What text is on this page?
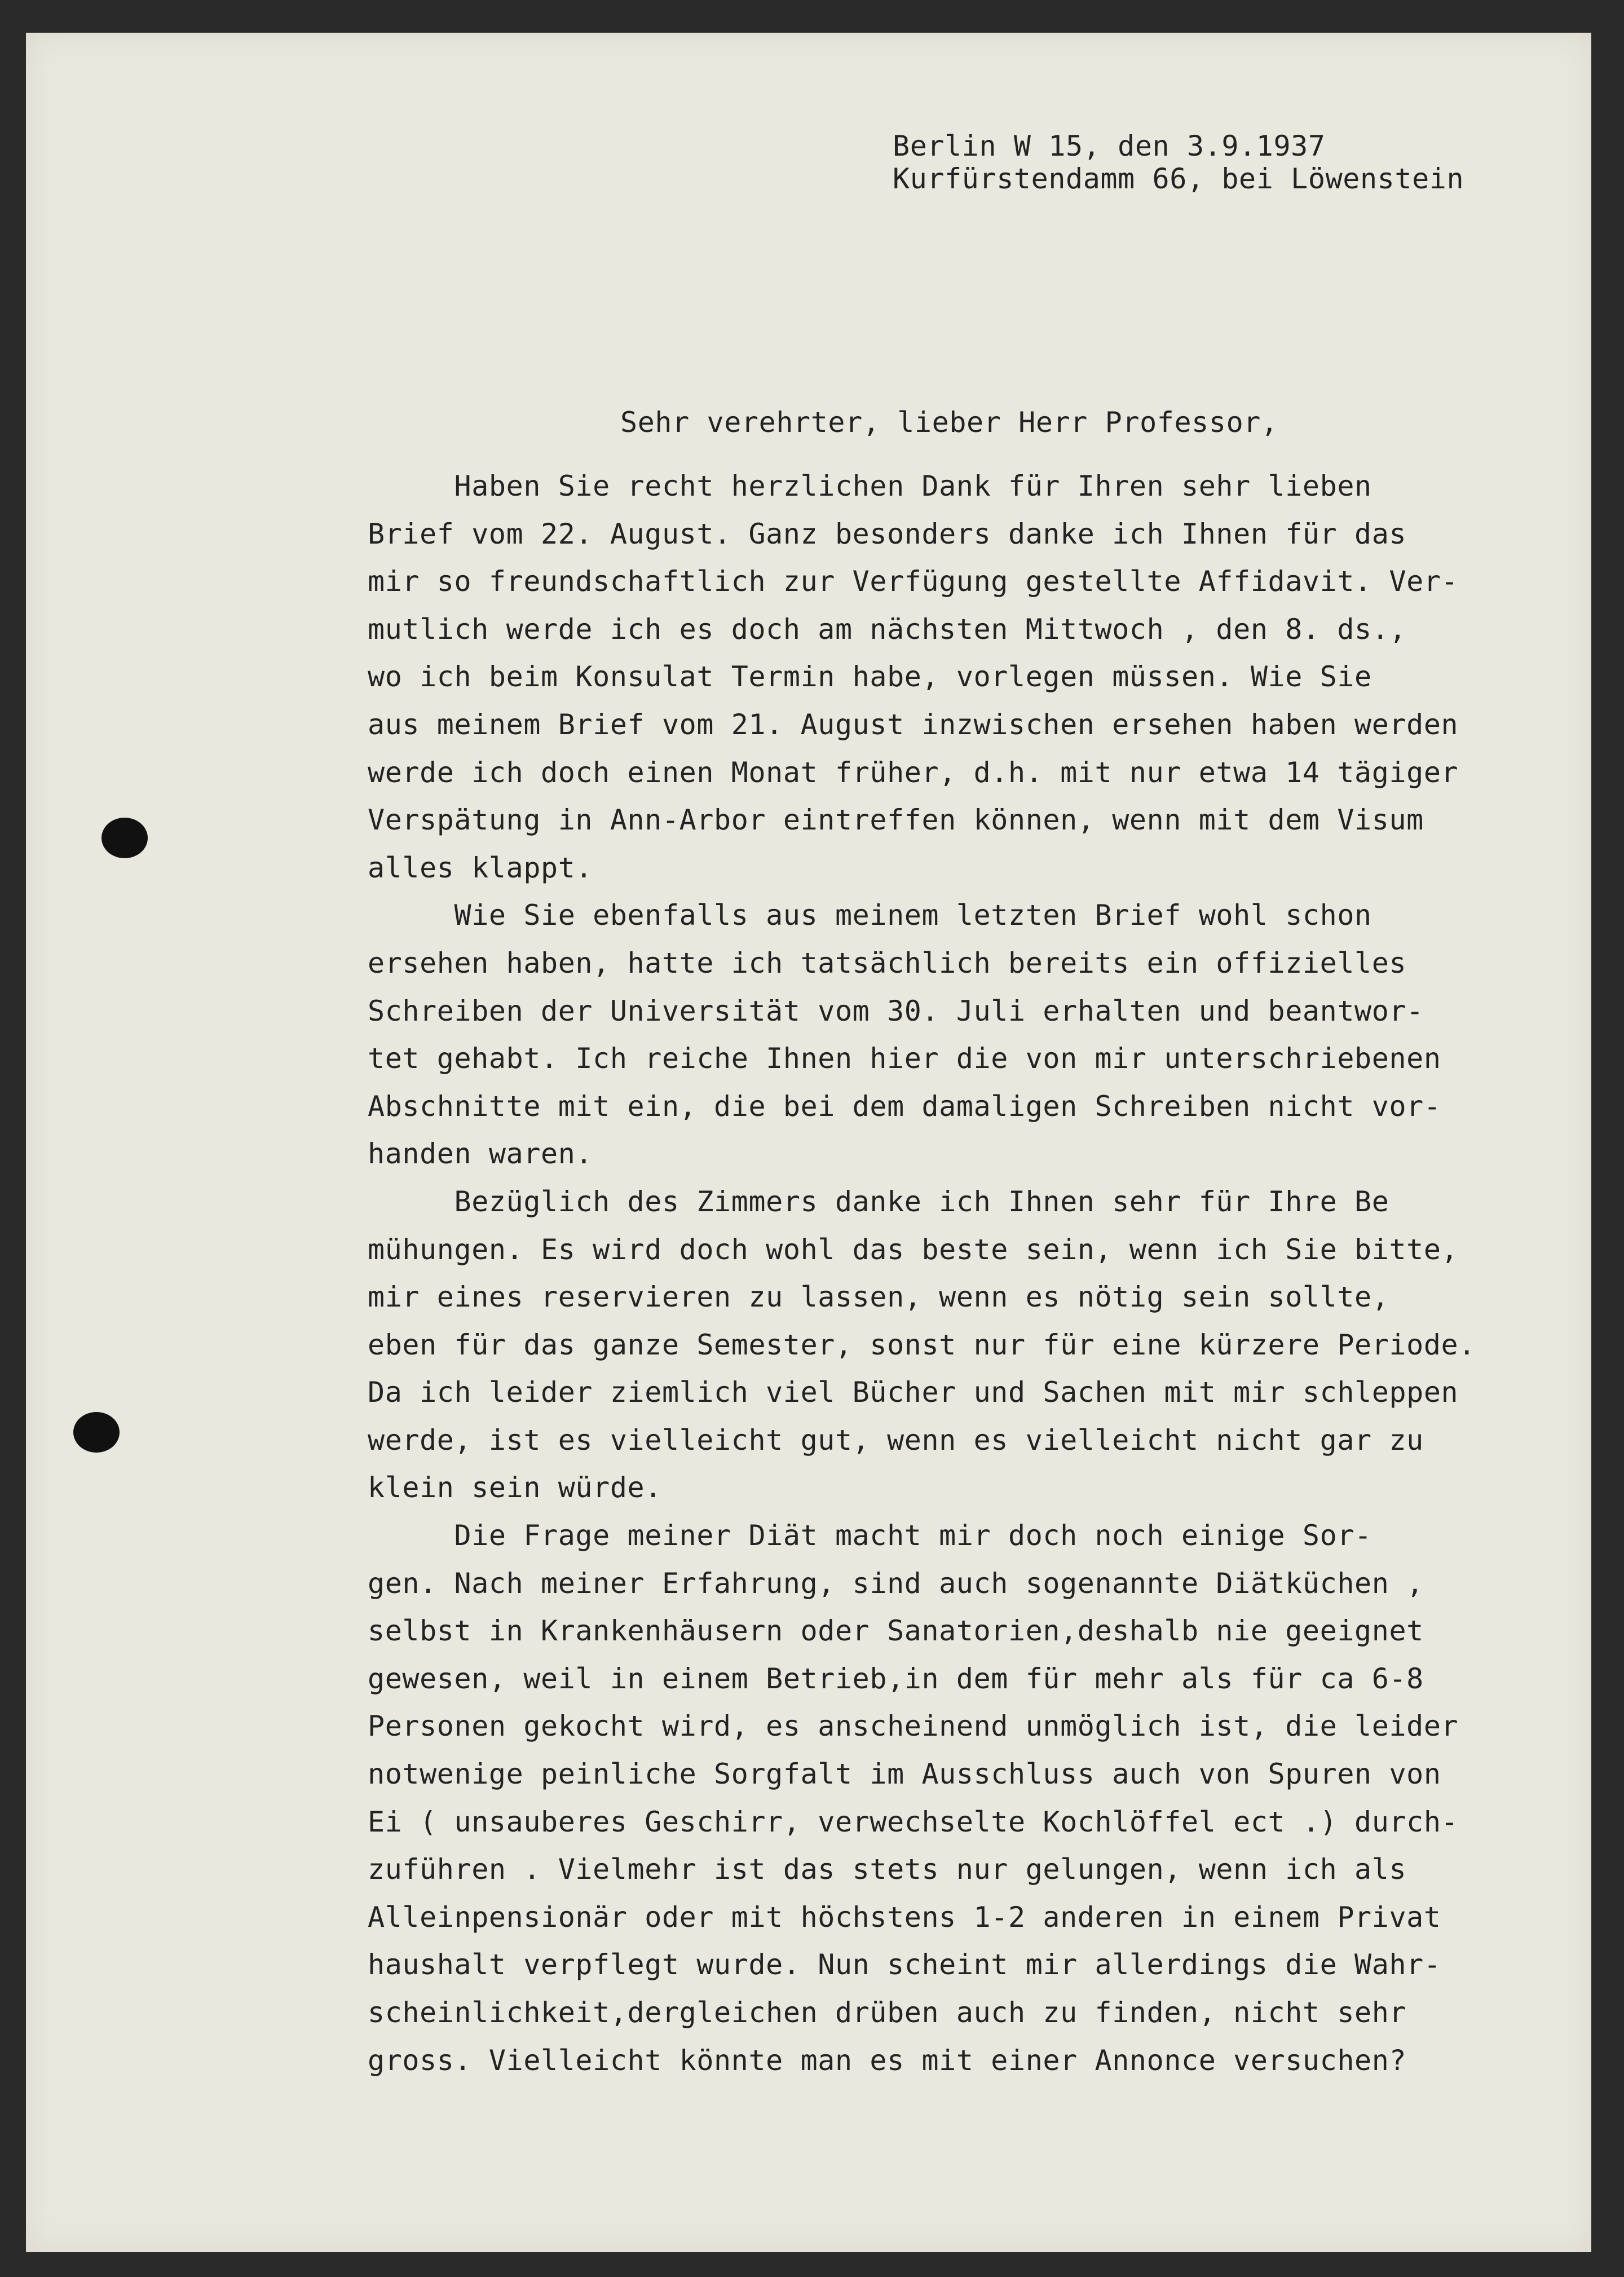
Berlin W 15, den 3.9.1937
Kurfürstendamm 66, bei Löwenstein
Sehr verehrter, lieber Herr Professor,
Haben Sie recht herzlichen Dank für Ihren sehr lieben
Brief vom 22. August. Ganz besonders danke ich Ihnen für das
mir so freundschaftlich zur Verfügung gestellte Affidavit. Ver-
mutlich werde ich es doch am nächsten Mittwoch , den 8. ds.,
wo ich beim Konsulat Termin habe, vorlegen müssen. Wie Sie
aus meinem Brief vom 21. August inzwischen ersehen haben werden
werde ich doch einen Monat früher, d.h. mit nur etwa 14 tägiger
Verspätung in Ann-Arbor eintreffen können, wenn mit dem Visum
alles klappt.
Wie Sie ebenfalls aus meinem letzten Brief wohl schon
ersehen haben, hatte ich tatsächlich bereits ein offizielles
Schreiben der Universität vom 30. Juli erhalten und beantwor-
tet gehabt. Ich reiche Ihnen hier die von mir unterschriebenen
Abschnitte mit ein, die bei dem damaligen Schreiben nicht vor-
handen waren.
Bezüglich des Zimmers danke ich Ihnen sehr für Ihre Be
mühungen. Es wird doch wohl das beste sein, wenn ich Sie bitte,
mir eines reservieren zu lassen, wenn es nötig sein sollte,
eben für das ganze Semester, sonst nur für eine kürzere Periode.
Da ich leider ziemlich viel Bücher und Sachen mit mir schleppen
werde, ist es vielleicht gut, wenn es vielleicht nicht gar zu
klein sein würde.
Die Frage meiner Diät macht mir doch noch einige Sor-
gen. Nach meiner Erfahrung, sind auch sogenannte Diätküchen ,
selbst in Krankenhäusern oder Sanatorien,deshalb nie geeignet
gewesen, weil in einem Betrieb,in dem für mehr als für ca 6-8
Personen gekocht wird, es anscheinend unmöglich ist, die leider
notwenige peinliche Sorgfalt im Ausschluss auch von Spuren von
Ei ( unsauberes Geschirr, verwechselte Kochlöffel ect .) durch-
zuführen . Vielmehr ist das stets nur gelungen, wenn ich als
Alleinpensionär oder mit höchstens 1-2 anderen in einem Privat
haushalt verpflegt wurde. Nun scheint mir allerdings die Wahr-
scheinlichkeit,dergleichen drüben auch zu finden, nicht sehr
gross. Vielleicht könnte man es mit einer Annonce versuchen?
